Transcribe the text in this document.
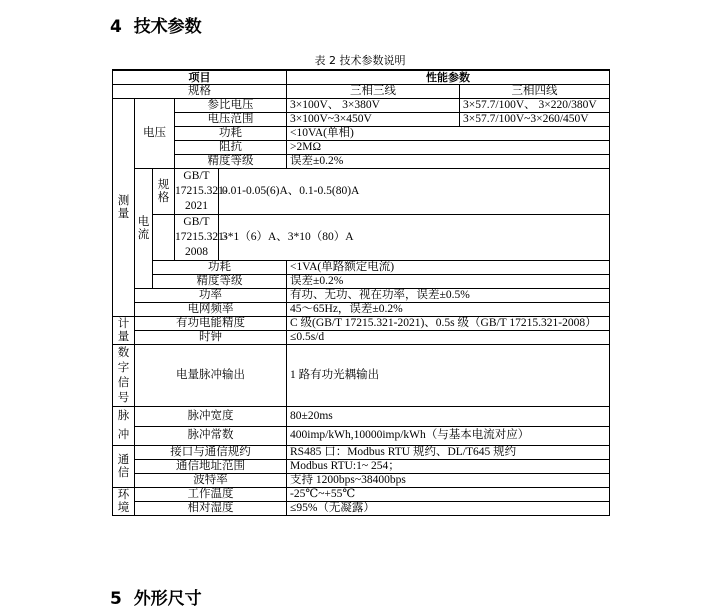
4 技术参数
表 2 技术参数说明
项目					性能参数	
规格					三相三线	三相四线
测量	电压		参比电压		3×100V、 3×380V	3×57.7/100V、 3×220/380V
			电压范围		3×100V~3×450V	3×57.7/100V~3×260/450V
			功耗		<10VA(单相)	
			阻抗		>2MΩ	
			精度等级		误差±0.2%	
	电流	规格	GB/T 17215.321-2021	0.01-0.05(6)A、0.1-0.5(80)A		

			GB/T 17215.321-2008	3*1（6）A、3*10（80）A		

		功耗			<1VA(单路额定电流)	
		精度等级			误差±0.2%	
	功率				有功、无功、视在功率，误差±0.5%	
	电网频率				45～65Hz，误差±0.2%	
计量	有功电能精度				C 级(GB/T 17215.321-2021)、0.5s 级（GB/T 17215.321-2008）	
	时钟				≤0.5s/d	
数字信号	电量脉冲输出				1 路有功光耦输出	
脉冲	脉冲宽度				80±20ms	
	脉冲常数				400imp/kWh,10000imp/kWh（与基本电流对应）	
通信	接口与通信规约				RS485 口：Modbus RTU 规约、DL/T645 规约	
	通信地址范围				Modbus RTU:1~ 254；	
	波特率				支持 1200bps~38400bps	
环境	工作温度				-25℃~+55℃	
	相对湿度				≤95%（无凝露）	
5 外形尺寸
